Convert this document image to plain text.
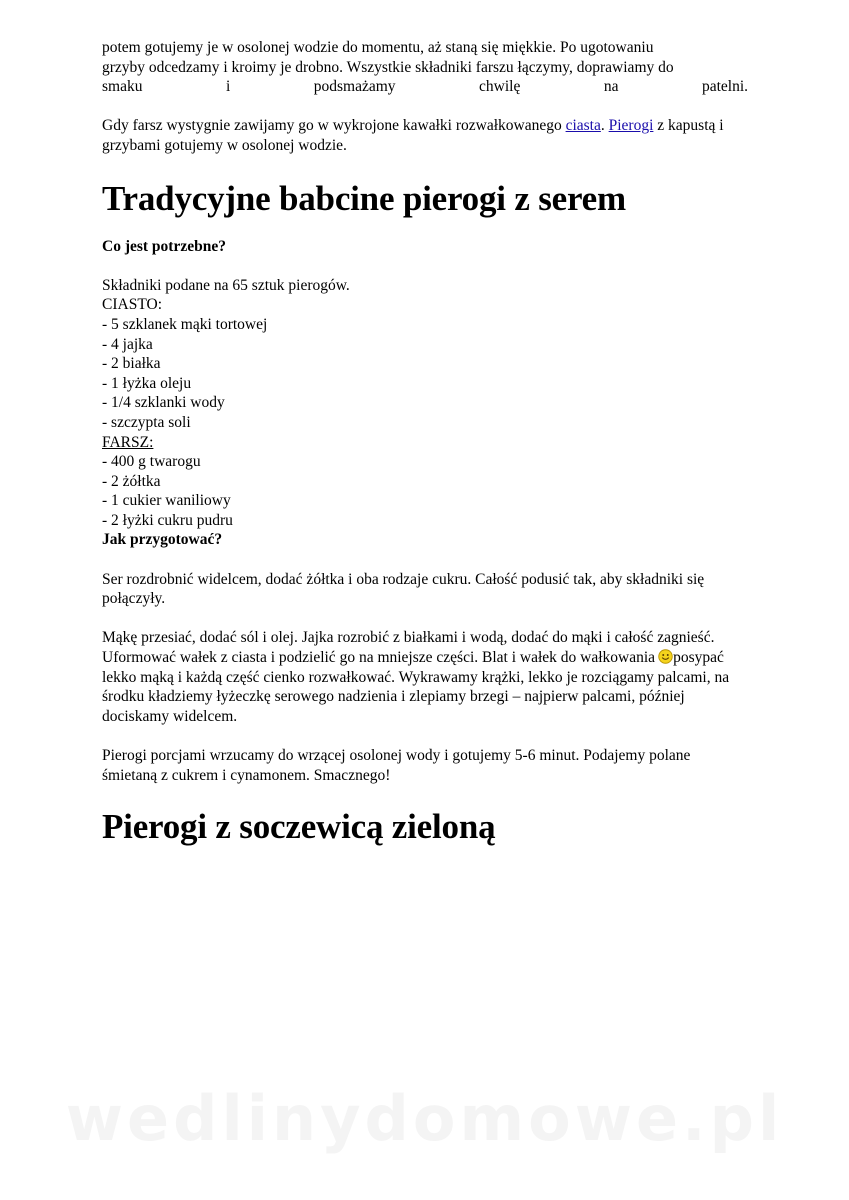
potem gotujemy je w osolonej wodzie do momentu, aż staną się miękkie. Po ugotowaniu
grzyby odcedzamy i kroimy je drobno. Wszystkie składniki farszu łączymy, doprawiamy do

smaku i podsmażamy chwilę na patelni.

Gdy farsz wystygnie zawijamy go w wykrojone kawałki rozwałkowanego ciasta. Pierogi z kapustą i grzybami gotujemy w osolonej wodzie.

Tradycyjne babcine pierogi z serem

Co jest potrzebne?

Składniki podane na 65 sztuk pierogów.

CIASTO:

- 5 szklanek mąki tortowej

- 4 jajka

- 2 białka

- 1 łyżka oleju

- 1/4 szklanki wody

- szczypta soli

FARSZ:

- 400 g twarogu

- 2 żółtka

- 1 cukier waniliowy

- 2 łyżki cukru pudru

Jak przygotować?

Ser rozdrobnić widelcem, dodać żółtka i oba rodzaje cukru. Całość podusić tak, aby składniki się połączyły.

Mąkę przesiać, dodać sól i olej. Jajka rozrobić z białkami i wodą, dodać do mąki i całość zagnieść. Uformować wałek z ciasta i podzielić go na mniejsze części. Blat i wałek do wałkowania posypać lekko mąką i każdą część cienko rozwałkować. Wykrawamy krążki, lekko je rozciągamy palcami, na środku kładziemy łyżeczkę serowego nadzienia i zlepiamy brzegi – najpierw palcami, później dociskamy widelcem.

Pierogi porcjami wrzucamy do wrzącej osolonej wody i gotujemy 5-6 minut. Podajemy polane śmietaną z cukrem i cynamonem. Smacznego!

Pierogi z soczewicą zieloną
wedlinydomowe.pl
